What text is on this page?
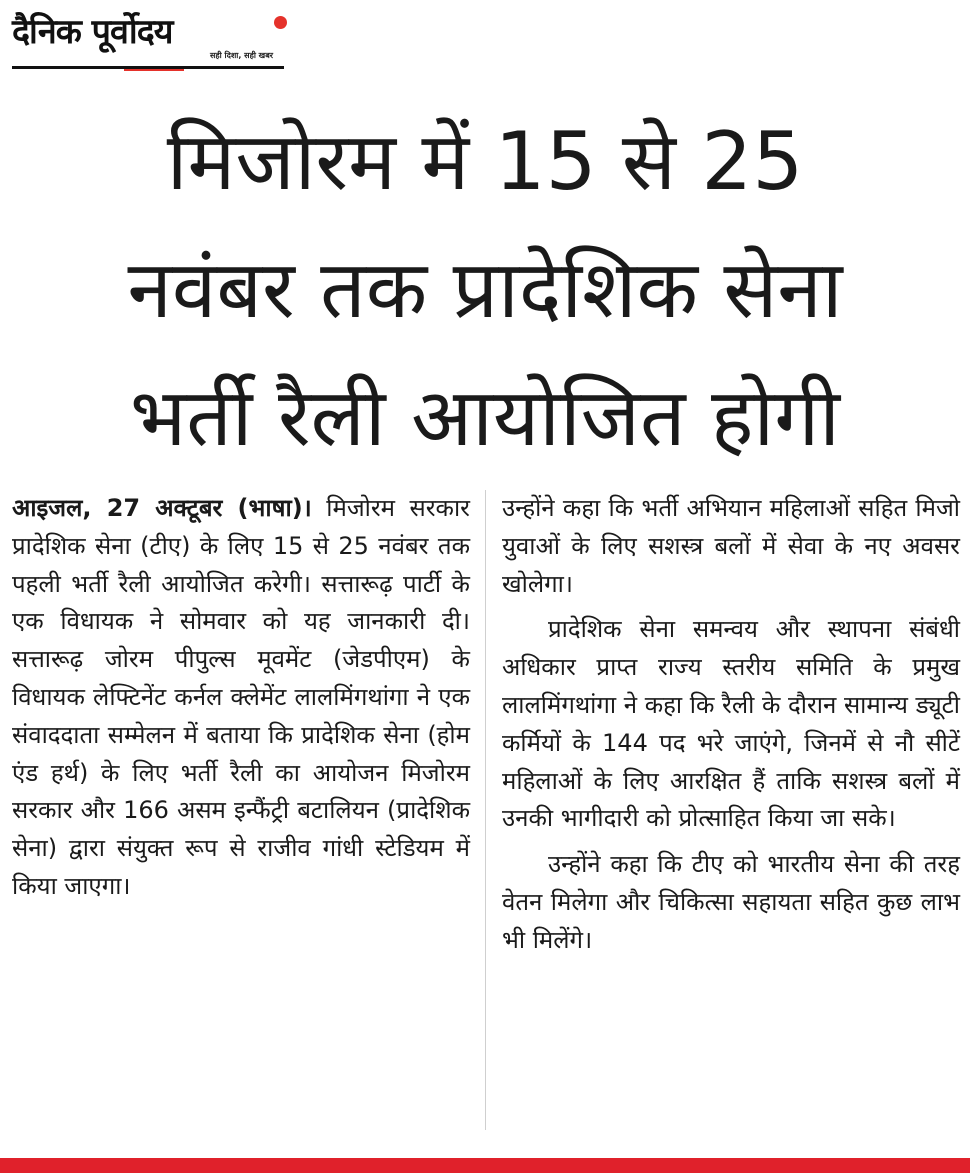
दैनिक पूर्वोदय
सही दिशा, सही खबर
मिजोरम में 15 से 25
नवंबर तक प्रादेशिक सेना
भर्ती रैली आयोजित होगी

आइजल, 27 अक्टूबर (भाषा)। मिजोरम सरकार प्रादेशिक सेना (टीए) के लिए 15 से 25 नवंबर तक पहली भर्ती रैली आयोजित करेगी। सत्तारूढ़ पार्टी के एक विधायक ने सोमवार को यह जानकारी दी। सत्तारूढ़ जोरम पीपुल्स मूवमेंट (जेडपीएम) के विधायक लेफ्टिनेंट कर्नल क्लेमेंट लालमिंगथांगा ने एक संवाददाता सम्मेलन में बताया कि प्रादेशिक सेना (होम एंड हर्थ) के लिए भर्ती रैली का आयोजन मिजोरम सरकार और 166 असम इन्फैंट्री बटालियन (प्रादेशिक सेना) द्वारा संयुक्त रूप से राजीव गांधी स्टेडियम में किया जाएगा।

उन्होंने कहा कि भर्ती अभियान महिलाओं सहित मिजो युवाओं के लिए सशस्त्र बलों में सेवा के नए अवसर खोलेगा।

प्रादेशिक सेना समन्वय और स्थापना संबंधी अधिकार प्राप्त राज्य स्तरीय समिति के प्रमुख लालमिंगथांगा ने कहा कि रैली के दौरान सामान्य ड्यूटी कर्मियों के 144 पद भरे जाएंगे, जिनमें से नौ सीटें महिलाओं के लिए आरक्षित हैं ताकि सशस्त्र बलों में उनकी भागीदारी को प्रोत्साहित किया जा सके।

उन्होंने कहा कि टीए को भारतीय सेना की तरह वेतन मिलेगा और चिकित्सा सहायता सहित कुछ लाभ भी मिलेंगे।
